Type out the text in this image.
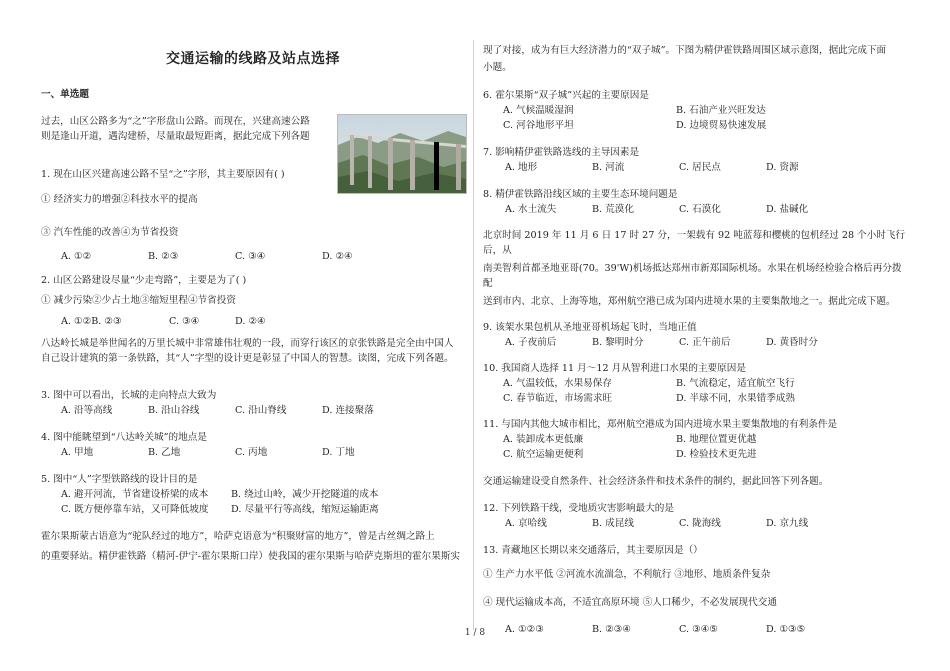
交通运输的线路及站点选择
一、单选题

过去，山区公路多为“之”字形盘山公路。而现在，兴建高速公路

则是逢山开道，遇沟建桥，尽量取最短距离，据此完成下列各题

1. 现在山区兴建高速公路不呈“之”字形，其主要原因有( )

① 经济实力的增强②科技水平的提高

③ 汽车性能的改善④为节省投资

A. ①②	B. ②③	C. ③④	D. ②④

2. 山区公路建设尽量“少走弯路”，主要是为了( )

① 减少污染②少占土地③缩短里程④节省投资

A. ①②B. ②③	C. ③④	D. ②④

八达岭长城是举世闻名的万里长城中非常雄伟壮观的一段，而穿行该区的京张铁路是完全由中国人

自己设计建筑的第一条铁路，其“人”字型的设计更是彰显了中国人的智慧。读图，完成下列各题。

3. 图中可以看出，长城的走向特点大致为

A. 沿等高线	B. 沿山谷线	C. 沿山脊线	D. 连接聚落

4. 图中能眺望到“八达岭关城”的地点是

A. 甲地	B. 乙地	C. 丙地	D. 丁地

5. 图中“人”字型铁路线的设计目的是

A. 避开河流，节省建设桥梁的成本	B. 绕过山岭，减少开挖隧道的成本
C. 既方便停靠车站，又可降低坡度	D. 尽量平行等高线，缩短运输距离

霍尔果斯蒙古语意为“驼队经过的地方”，哈萨克语意为“积聚财富的地方”，曾是古丝绸之路上

的重要驿站。精伊霍铁路（精河-伊宁-霍尔果斯口岸）使我国的霍尔果斯与哈萨克斯坦的霍尔果斯实

现了对接，成为有巨大经济潜力的“双子城”。下图为精伊霍铁路周围区域示意图，据此完成下面

小题。

6. 霍尔果斯“双子城”兴起的主要原因是

A. 气候温暖湿润	B. 石油产业兴旺发达
C. 河谷地形平坦	D. 边境贸易快速发展

7. 影响精伊霍铁路选线的主导因素是

A. 地形	B. 河流	C. 居民点	D. 资源

8. 精伊霍铁路沿线区域的主要生态环境问题是

A. 水土流失	B. 荒漠化	C. 石漠化	D. 盐碱化

北京时间 2019 年 11 月 6 日 17 时 27 分，一架载有 92 吨蓝莓和樱桃的包机经过 28 个小时飞行后，从

南美智利首都圣地亚哥(70。39'W)机场抵达郑州市新郑国际机场。水果在机场经检验合格后再分拨配

送到市内、北京、上海等地，郑州航空港已成为国内进境水果的主要集散地之一。据此完成下题。

9. 该架水果包机从圣地亚哥机场起飞时，当地正值

A. 子夜前后	B. 黎明时分	C. 正午前后	D. 黄昏时分

10. 我国商人选择 11 月～12 月从智利进口水果的主要原因是

A. 气温较低，水果易保存	B. 气流稳定，适宜航空飞行
C. 春节临近，市场需求旺	D. 半球不同，水果错季成熟

11. 与国内其他大城市相比，郑州航空港成为国内进境水果主要集散地的有利条件是

A. 装卸成本更低廉	B. 地理位置更优越
C. 航空运输更便利	D. 检验技术更先进

交通运输建设受自然条件、社会经济条件和技术条件的制约，据此回答下列各题。

12. 下列铁路干线，受地质灾害影响最大的是

A. 京哈线	B. 成昆线	C. 陇海线	D. 京九线

13. 青藏地区长期以来交通落后，其主要原因是（）

① 生产力水平低 ②河流水流湍急，不利航行 ③地形、地质条件复杂

④ 现代运输成本高，不适宜高原环境 ⑤人口稀少，不必发展现代交通

A. ①②③	B. ②③④	C. ③④⑤	D. ①③⑤
1 / 8
